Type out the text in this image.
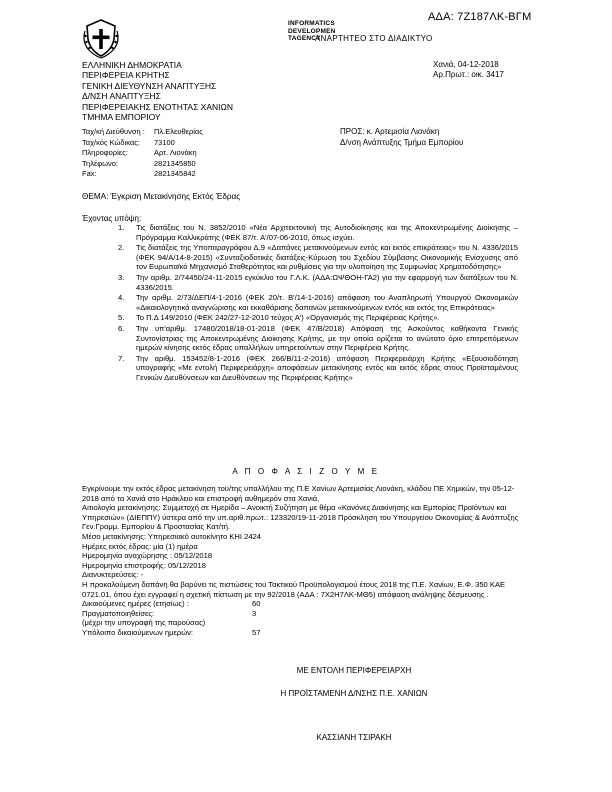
ΑΔΑ: 7Ζ187ΛΚ-ΒΓΜ
INFORMATICS
DEVELOPMEN
TAGENCY
ΑΝΑΡΤΗΤΕΟ ΣΤΟ ΔΙΑΔΙΚΤΥΟ
ΕΛΛΗΝΙΚΗ ΔΗΜΟΚΡΑΤΙΑ
ΠΕΡΙΦΕΡΕΙΑ ΚΡΗΤΗΣ
ΓΕΝΙΚΗ ΔΙΕΥΘΥΝΣΗ ΑΝΑΠΤΥΞΗΣ
Δ/ΝΣΗ ΑΝΑΠΤΥΞΗΣ
ΠΕΡΙΦΕΡΕΙΑΚΗΣ ΕΝΟΤΗΤΑΣ ΧΑΝΙΩΝ
ΤΜΗΜΑ ΕΜΠΟΡΙΟΥ
Χανιά, 04-12-2018
Αρ.Πρωτ.: οικ. 3417
Ταχ/κή Διεύθυνση : Πλ.Ελευθερίας
Ταχ/κός Κώδικας: 73100
Πληροφορίες:	Αρτ. Λιονάκη
Τηλέφωνο:	2821345850
Fax:	2821345842
ΠΡΟΣ: κ. Αρτεμισία Λιονάκη
Δ/νση Ανάπτυξης Τμήμα Εμπορίου
ΘΕΜΑ: Έγκριση Μετακίνησης Εκτός Έδρας
Έχοντας υπόψη:
1.	Τις διατάξεις του Ν. 3852/2010 «Νέα Αρχιτεκτονική της Αυτοδιοίκησης και της Αποκεντρωμένης Διοίκησης – Πρόγραμμα Καλλικράτης (ΦΕΚ 87/τ. Α'/07-06-2010, όπως ισχύει.
2.	Τις διατάξεις της Υποπαραγράφου Δ.9 «Δαπάνες μετακινούμενων εντός και εκτός επικράτειας» του Ν. 4336/2015 (ΦΕΚ 94/Α/14-8-2015) «Συνταξιοδοτικές διατάξεις-Κύρωση του Σχεδίου Σύμβασης Οικονομικής Ενίσχυσης από τον Ευρωπαϊκό Μηχανισμό Σταθερότητας και ρυθμίσεις για την υλοποίηση της Συμφωνίας Χρηματοδότησης»
3.	Την αριθμ. 2/74450/24-11-2015 εγκύκλιο του Γ.Λ.Κ. (ΑΔΑ:ΩΨΘΟΗ-ΓΑ2) για την εφαρμογή των διατάξεων του Ν. 4336/2015.
4.	Την αριθμ. 2/73/ΔΕΠ/4-1-2016 (ΦΕΚ 20/τ. Β'/14-1-2016) απόφαση του Αναπληρωτή Υπουργού Οικονομικών «Δικαιολογητικά αναγνώρισης και εκκαθάρισης δαπανών μετακινούμενων εντός και εκτός της Επικράτειας»
5.	Το Π.Δ 149/2010 (ΦΕΚ 242/27-12-2010 τεύχος Α') «Οργανισμός της Περιφέρειας Κρήτης».
6.	Την υπ'αριθμ. 17480/2018/18-01-2018 (ΦΕΚ 47/Β/2018) Απόφαση της Ασκούντος καθήκοντα Γενικής Συντονίστριας της Αποκεντρωμένης Διοίκησης Κρήτης, με την οποία ορίζεται το ανώτατο όριο επιτρεπόμενων ημερών κίνησης εκτός έδρας υπαλλήλων υπηρετούντων στην Περιφέρεια Κρήτης.
7.	Την αριθμ. 153452/8-1-2016 (ΦΕΚ 266/Β/11-2-2016) απόφαση Περιφερειάρχη Κρήτης «Εξουσιοδότηση υπογραφής «Με εντολή Περιφερειάρχη» αποφάσεων μετακίνησης εντός και εκτός έδρας στους Προϊσταμένους Γενικών Διευθύνσεων και Διευθύνσεων της Περιφέρειας Κρήτης»
Α Π Ο Φ Α Σ Ι Ζ Ο Υ Μ Ε
Εγκρίνουμε την εκτός έδρας μετακίνηση του/της υπαλλήλου της Π.Ε Χανίων Αρτεμισίας Λιονάκη, κλάδου ΠΕ Χημικών, την 05-12-2018 από τα Χανιά στο Ηράκλειο και επιστροφή αυθημερόν στα Χανιά.
Αιτιολογία μετακίνησης: Συμμετοχή σε Ημερίδα – Ανοικτή Συζήτηση με θέμα «Κανόνες Διακίνησης και Εμπορίας Προϊόντων και Υπηρεσιών» (ΔΙΕΠΠΥ) ύστερα από την υπ.αριθ.πρωτ.: 123320/19-11-2018 Πρόσκληση του Υπουργείου Οικονομίας & Ανάπτυξης Γεν.Γραμμ. Εμπορίου & Προστασίας Κατ/τή.
Μέσο μετακίνησης: Υπηρεσιακό αυτοκίνητο ΚΗΙ 2424
Ημέρες εκτός έδρας: μία (1) ημέρα
Ημερομηνία αναχώρησης : 05/12/2018
Ημερομηνία επιστροφής: 05/12/2018
Διανυκτερεύσεις: -
Η προκαλούμενη δαπάνη θα βαρύνει τις πιστώσεις του Τακτικού Προϋπολογισμού έτους 2018 της Π.Ε. Χανίων, Ε.Φ. 350 ΚΑΕ 0721.01, όπου έχει εγγραφεί η σχετική πίστωση με την 92/2018 (ΑΔΑ : 7Χ2Η7ΛΚ-ΜΘ5) απόφαση ανάληψης δέσμευσης .
Δικαιούμενες ημέρες (ετησίως) :	60
Πραγματοποιηθείσες:	3
(μέχρι την υπογραφή της παρούσας)
Υπόλοιπο δικαιούμενων ημερών:	57
ΜΕ ΕΝΤΟΛΗ ΠΕΡΙΦΕΡΕΙΑΡΧΗ
Η ΠΡΟΪΣΤΑΜΕΝΗ Δ/ΝΣΗΣ Π.Ε. ΧΑΝΙΩΝ
ΚΑΣΣΙΑΝΗ ΤΣΙΡΑΚΗ
